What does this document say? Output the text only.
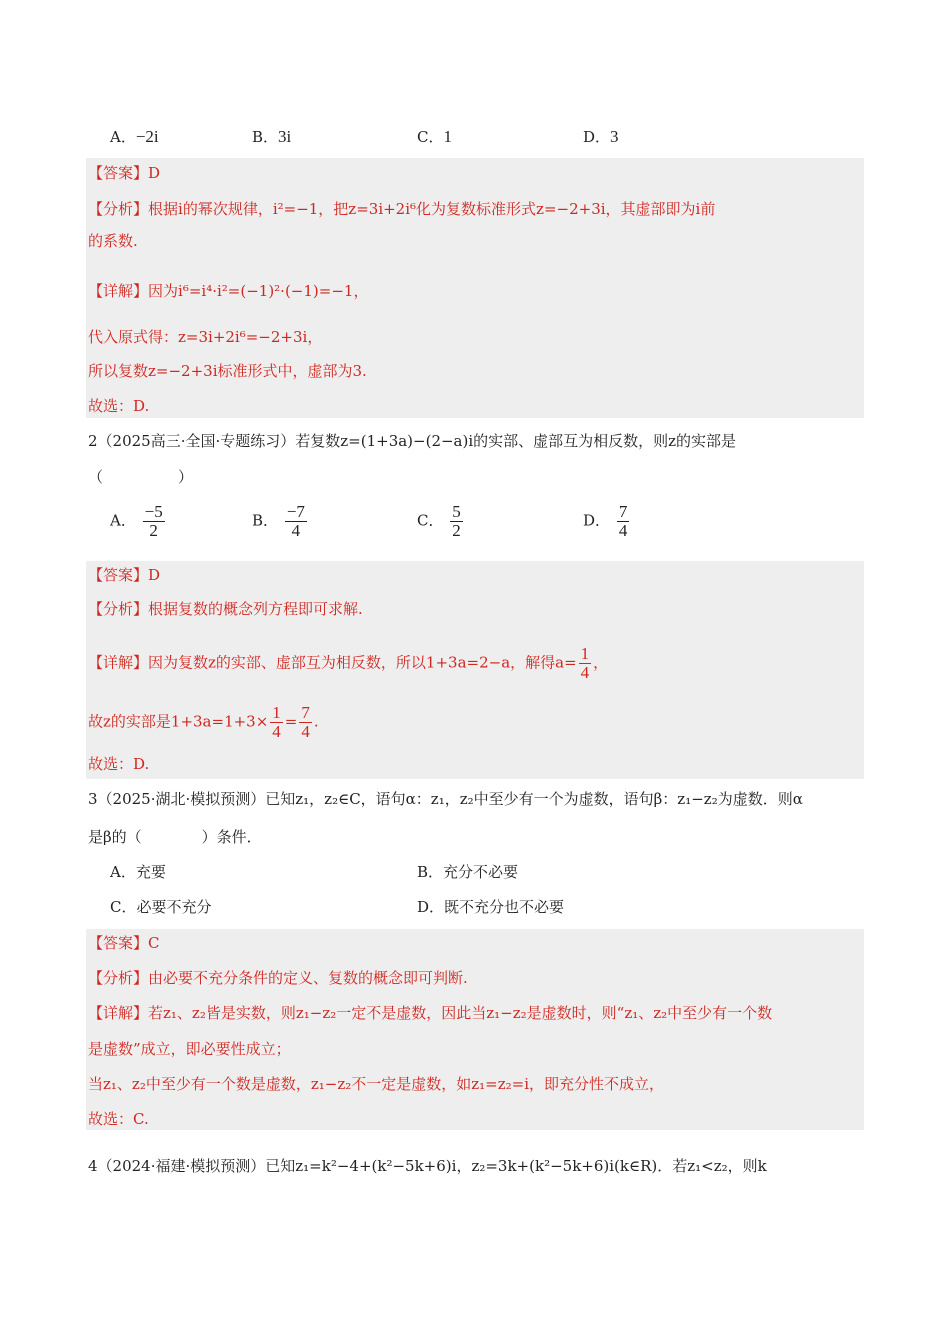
A．−2i	B．3i	C．1	D．3
【答案】D
【分析】根据i的幂次规律，i²=−1，把z=3i+2i⁶化为复数标准形式z=−2+3i，其虚部即为i前
的系数.
【详解】因为i⁶=i⁴·i²=(−1)²·(−1)=−1，
代入原式得：z=3i+2i⁶=−2+3i，
所以复数z=−2+3i标准形式中，虚部为3.
故选：D.
2（2025高三·全国·专题练习）若复数z=(1+3a)−(2−a)i的实部、虚部互为相反数，则z的实部是
（　　　　　）
A． $\frac{-5}{2}$	B． $\frac{-7}{4}$	C． $\frac{5}{2}$	D． $\frac{7}{4}$
【答案】D
【分析】根据复数的概念列方程即可求解.
【详解】因为复数z的实部、虚部互为相反数，所以1+3a=2−a，解得$a= \frac{1}{4}$ ，
故z的实部是$1+3a=1+3\times \frac{1}{4} = \frac{7}{4}$ .
故选：D.
3（2025·湖北·模拟预测）已知z₁，z₂∈C，语句α：z₁，z₂中至少有一个为虚数，语句β：z₁−z₂为虚数．则α
是β的（　　　　）条件．
A．充要	B．充分不必要
C．必要不充分	D．既不充分也不必要
【答案】C
【分析】由必要不充分条件的定义、复数的概念即可判断.
【详解】若z₁、z₂皆是实数，则z₁−z₂一定不是虚数，因此当z₁−z₂是虚数时，则“z₁、z₂中至少有一个数
是虚数”成立，即必要性成立；
当z₁、z₂中至少有一个数是虚数，z₁−z₂不一定是虚数，如z₁=z₂=i，即充分性不成立，
故选：C.
4（2024·福建·模拟预测）已知z₁=k²−4+(k²−5k+6)i，z₂=3k+(k²−5k+6)i(k∈R)．若z₁<z₂，则k
